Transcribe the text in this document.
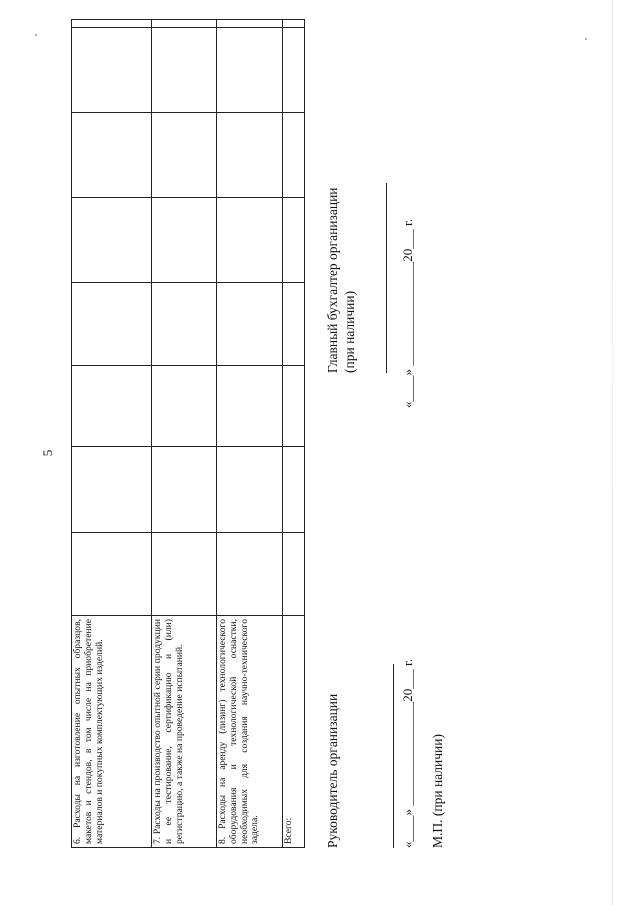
5
6. Расходы на изготовление опытных образцов, макетов и стендов, в том числе на приобретение материалов и покупных комплектующих изделий.								
7. Расходы на производство опытной серии продукции и ее тестирование, сертификацию и (или) регистрацию, а также на проведение испытаний.								
8. Расходы на аренду (лизинг) технологического оборудования и технологической оснастки, необходимых для создания научно-технического задела.								
Всего:								Руководитель организации	«____» ________________20___ г. М.П. (при наличии)
Главный бухгалтер организации (при наличии)	«____» ________________20___ г.
